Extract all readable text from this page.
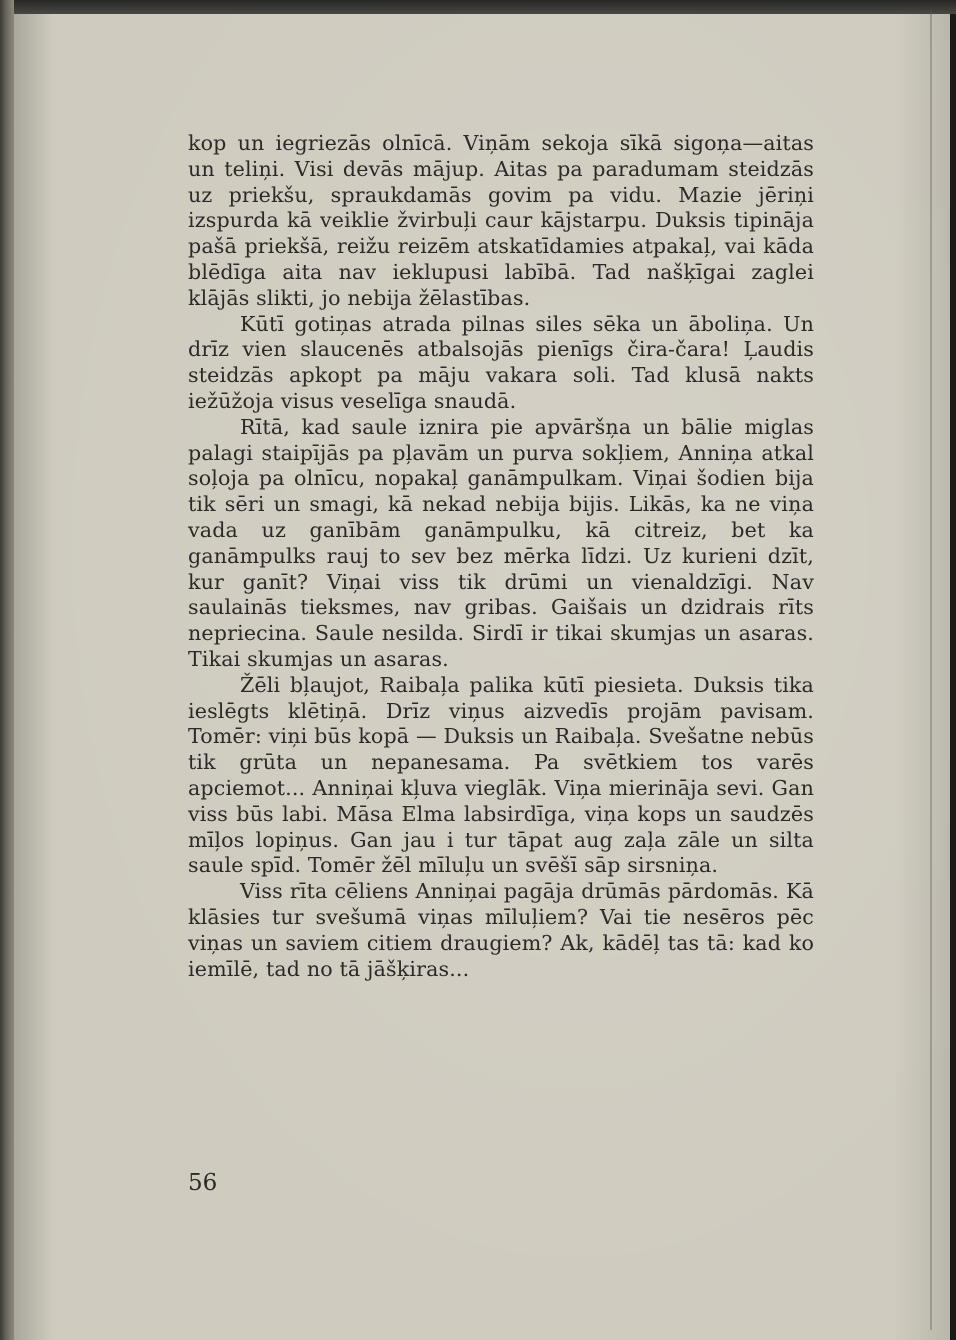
kop un iegriezās olnīcā. Viņām sekoja sīkā sigoņa—aitas un teliņi. Visi devās mājup. Aitas pa paradumam steidzās uz priekšu, spraukdamās govim pa vidu. Mazie jēriņi izspurda kā veiklie žvirbuļi caur kājstarpu. Duksis tipināja pašā priekšā, reižu reizēm atskatīdamies atpakaļ, vai kāda blēdīga aita nav ieklupusi labībā. Tad našķīgai zaglei klājās slikti, jo nebija žēlastības.

Kūtī gotiņas atrada pilnas siles sēka un āboliņa. Un drīz vien slaucenēs atbalsojās pienīgs čira-čara! Ļaudis steidzās apkopt pa māju vakara soli. Tad klusā nakts iežūžoja visus veselīga snaudā.

Rītā, kad saule iznira pie apvāršņa un bālie miglas palagi staipījās pa pļavām un purva sokļiem, Anniņa atkal soļoja pa olnīcu, nopakaļ ganāmpulkam. Viņai šodien bija tik sēri un smagi, kā nekad nebija bijis. Likās, ka ne viņa vada uz ganībām ganāmpulku, kā citreiz, bet ka ganāmpulks rauj to sev bez mērka līdzi. Uz kurieni dzīt, kur ganīt? Viņai viss tik drūmi un vienaldzīgi. Nav saulainās tieksmes, nav gribas. Gaišais un dzidrais rīts nepriecina. Saule nesilda. Sirdī ir tikai skumjas un asaras. Tikai skumjas un asaras.

Žēli bļaujot, Raibaļa palika kūtī piesieta. Duksis tika ieslēgts klētiņā. Drīz viņus aizvedīs projām pavisam. Tomēr: viņi būs kopā — Duksis un Raibaļa. Svešatne nebūs tik grūta un nepanesama. Pa svētkiem tos varēs apciemot... Anniņai kļuva vieglāk. Viņa mierināja sevi. Gan viss būs labi. Māsa Elma labsirdīga, viņa kops un saudzēs mīļos lopiņus. Gan jau i tur tāpat aug zaļa zāle un silta saule spīd. Tomēr žēl mīluļu un svēšī sāp sirsniņa.

Viss rīta cēliens Anniņai pagāja drūmās pārdomās. Kā klāsies tur svešumā viņas mīluļiem? Vai tie nesēros pēc viņas un saviem citiem draugiem? Ak, kādēļ tas tā: kad ko iemīlē, tad no tā jāšķiras...

56
